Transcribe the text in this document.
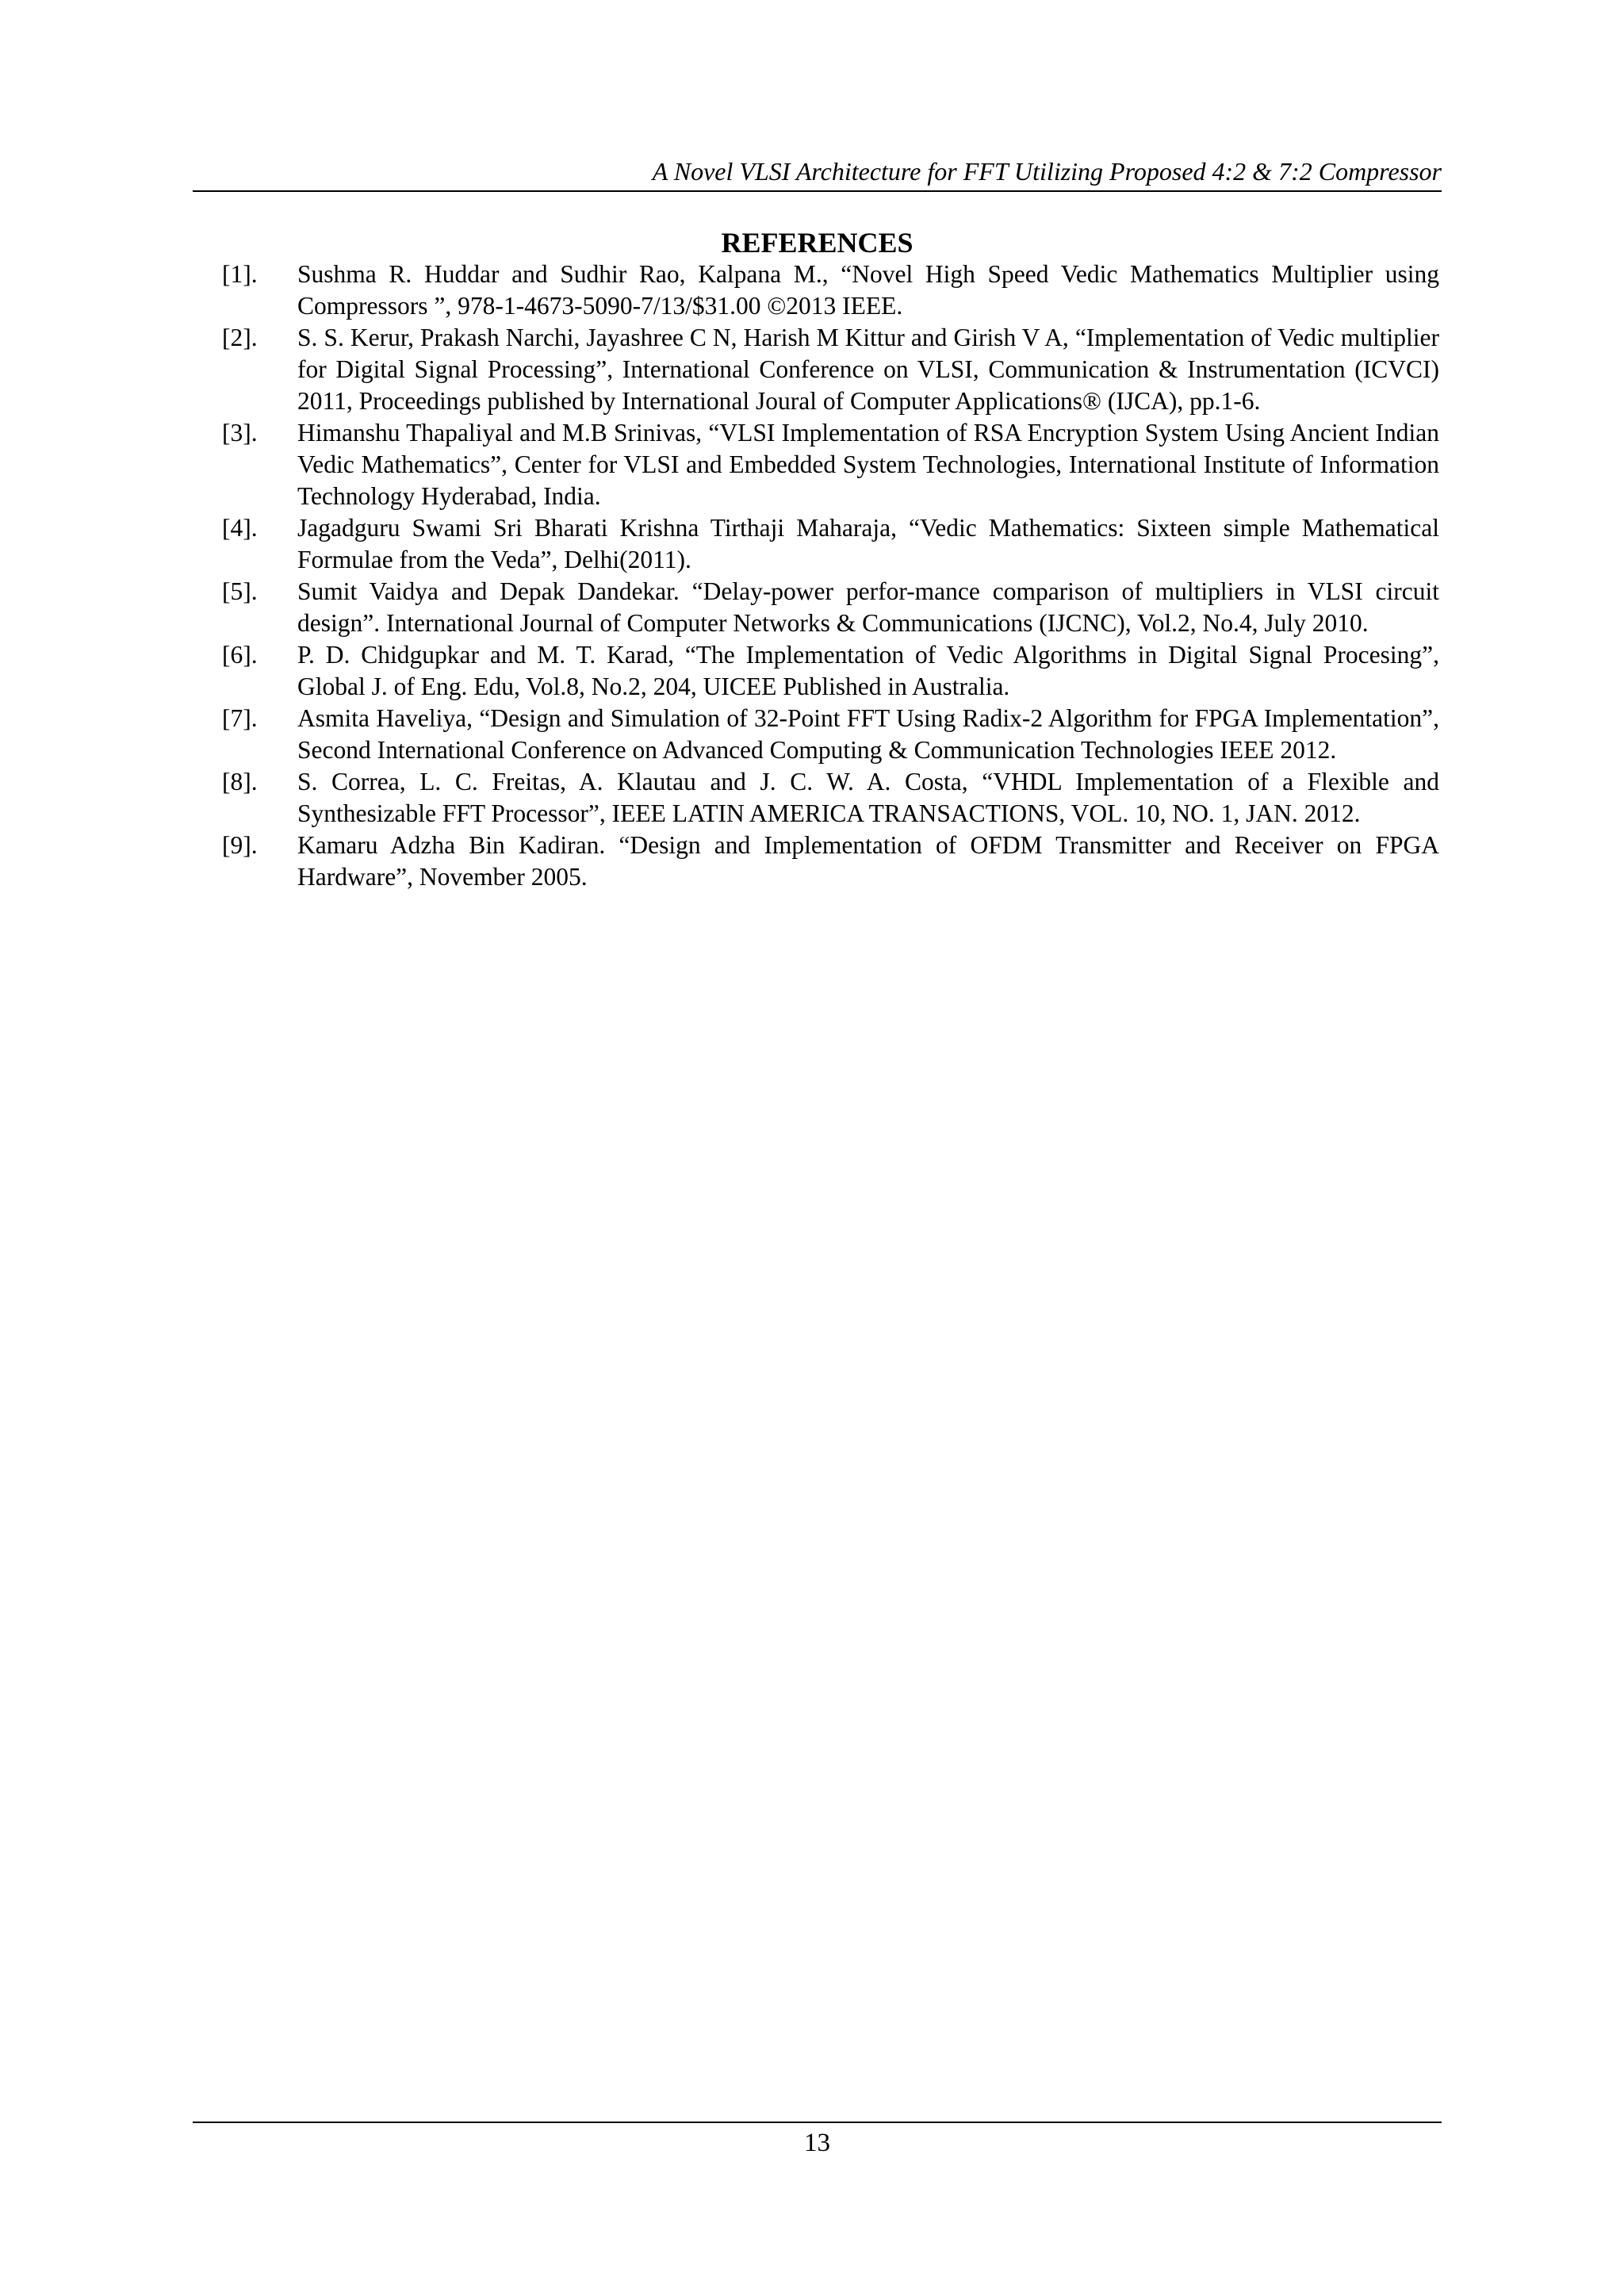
A Novel VLSI Architecture for FFT Utilizing Proposed 4:2 & 7:2 Compressor
REFERENCES
[1].	Sushma R. Huddar and Sudhir Rao, Kalpana M., “Novel High Speed Vedic Mathematics Multiplier using Compressors ”, 978-1-4673-5090-7/13/$31.00 ©2013 IEEE.
[2].	S. S. Kerur, Prakash Narchi, Jayashree C N, Harish M Kittur and Girish V A, “Implementation of Vedic multiplier for Digital Signal Processing”, International Conference on VLSI, Communication & Instrumentation (ICVCI) 2011, Proceedings published by International Joural of Computer Applications® (IJCA), pp.1-6.
[3].	Himanshu Thapaliyal and M.B Srinivas, “VLSI Implementation of RSA Encryption System Using Ancient Indian Vedic Mathematics”, Center for VLSI and Embedded System Technologies, International Institute of Information Technology Hyderabad, India.
[4].	Jagadguru Swami Sri Bharati Krishna Tirthaji Maharaja, “Vedic Mathematics: Sixteen simple Mathematical Formulae from the Veda”, Delhi(2011).
[5].	Sumit Vaidya and Depak Dandekar. “Delay-power perfor-mance comparison of multipliers in VLSI circuit design”. International Journal of Computer Networks & Communications (IJCNC), Vol.2, No.4, July 2010.
[6].	P. D. Chidgupkar and M. T. Karad, “The Implementation of Vedic Algorithms in Digital Signal Procesing”, Global J. of Eng. Edu, Vol.8, No.2, 204, UICEE Published in Australia.
[7].	Asmita Haveliya, “Design and Simulation of 32-Point FFT Using Radix-2 Algorithm for FPGA Implementation”, Second International Conference on Advanced Computing & Communication Technologies IEEE 2012.
[8].	S. Correa, L. C. Freitas, A. Klautau and J. C. W. A. Costa, “VHDL Implementation of a Flexible and Synthesizable FFT Processor”, IEEE LATIN AMERICA TRANSACTIONS, VOL. 10, NO. 1, JAN. 2012.
[9].	Kamaru Adzha Bin Kadiran. “Design and Implementation of OFDM Transmitter and Receiver on FPGA Hardware”, November 2005.
13
